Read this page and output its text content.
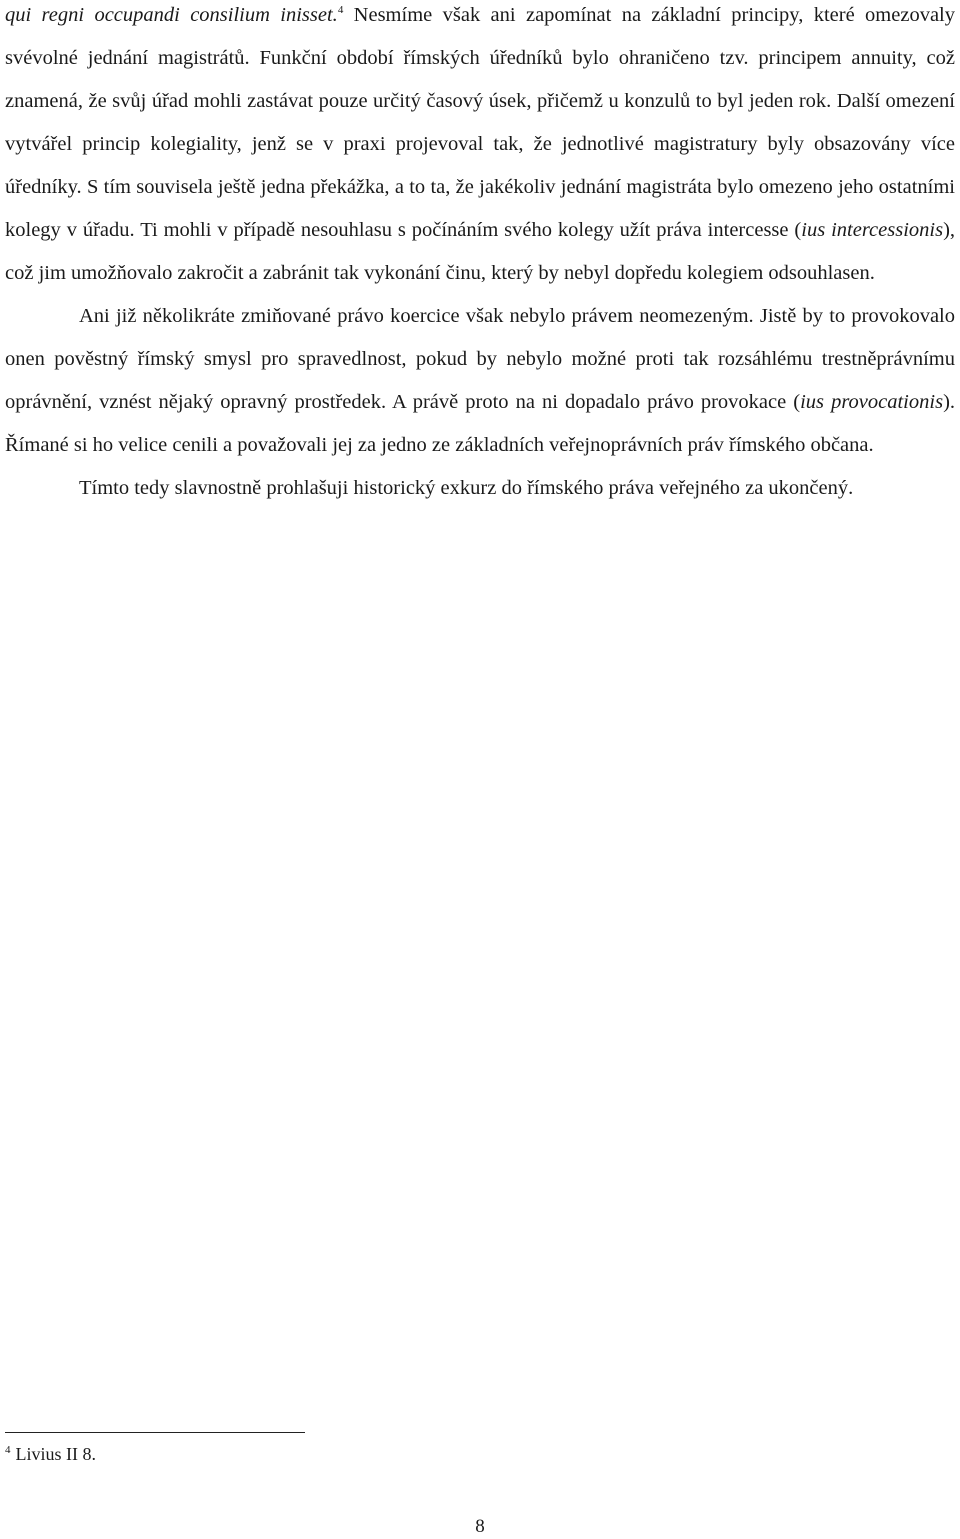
qui regni occupandi consilium inisset.$^4$ Nesmíme však ani zapomínat na základní principy, které omezovaly svévolné jednání magistrátů. Funkční období římských úředníků bylo ohraničeno tzv. principem annuity, což znamená, že svůj úřad mohli zastávat pouze určitý časový úsek, přičemž u konzulů to byl jeden rok. Další omezení vytvářel princip kolegiality, jenž se v praxi projevoval tak, že jednotlivé magistratury byly obsazovány více úředníky. S tím souvisela ještě jedna překážka, a to ta, že jakékoliv jednání magistráta bylo omezeno jeho ostatními kolegy v úřadu. Ti mohli v případě nesouhlasu s počínáním svého kolegy užít práva intercesse (ius intercessionis), což jim umožňovalo zakročit a zabránit tak vykonání činu, který by nebyl dopředu kolegiem odsouhlasen.

Ani již několikráte zmiňované právo koercice však nebylo právem neomezeným. Jistě by to provokovalo onen pověstný římský smysl pro spravedlnost, pokud by nebylo možné proti tak rozsáhlému trestněprávnímu oprávnění, vznést nějaký opravný prostředek. A právě proto na ni dopadalo právo provokace (ius provocationis). Římané si ho velice cenili a považovali jej za jedno ze základních veřejnoprávních práv římského občana.

Tímto tedy slavnostně prohlašuji historický exkurz do římského práva veřejného za ukončený.

$^4$ Livius II 8.
8
